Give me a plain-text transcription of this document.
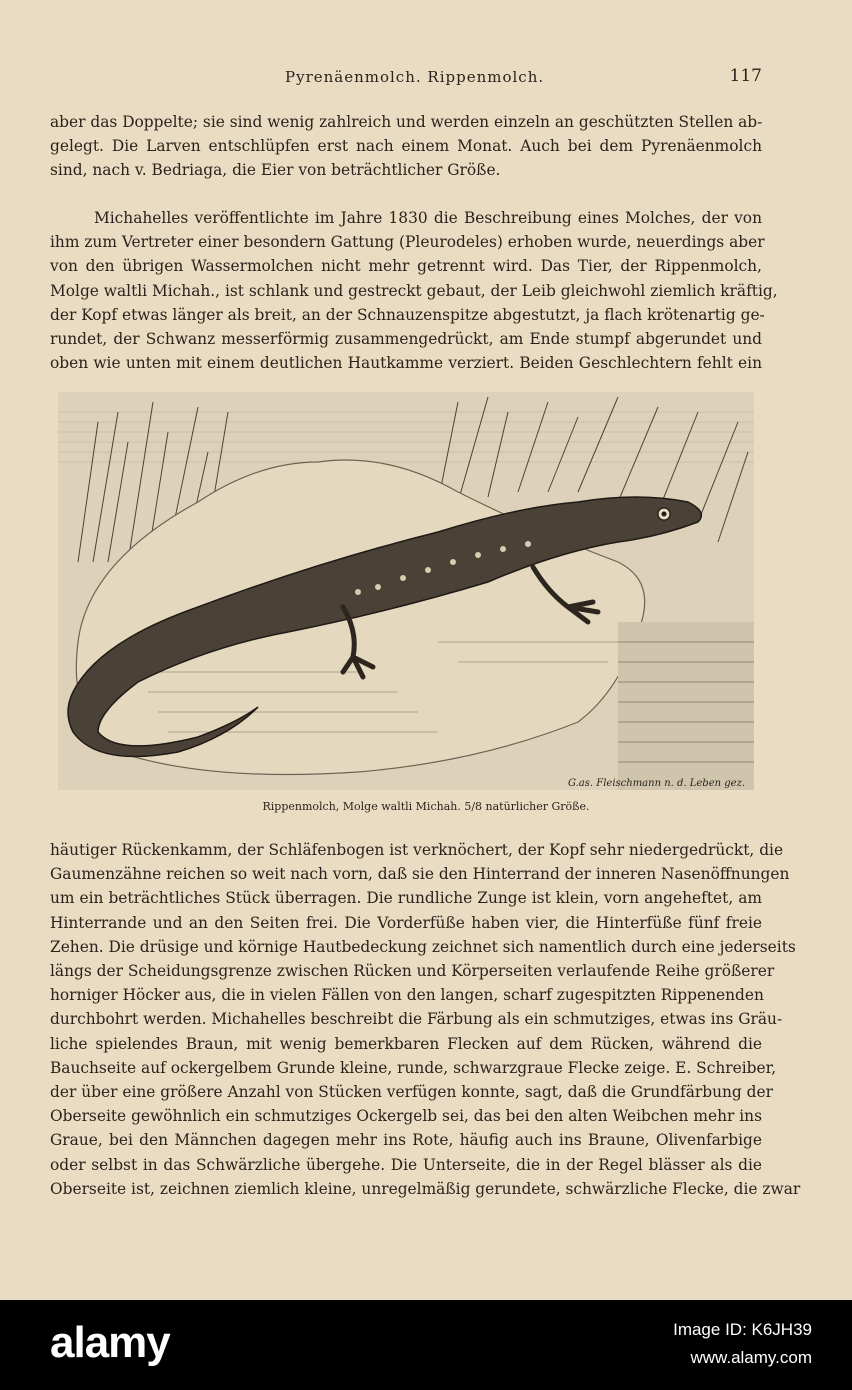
Pyrenäenmolch. Rippenmolch.	117

aber das Doppelte; sie sind wenig zahlreich und werden einzeln an geschützten Stellen ab-
gelegt. Die Larven entschlüpfen erst nach einem Monat. Auch bei dem Pyrenäenmolch
sind, nach v. Bedriaga, die Eier von beträchtlicher Größe.

Michahelles veröffentlichte im Jahre 1830 die Beschreibung eines Molches, der von
ihm zum Vertreter einer besondern Gattung (Pleurodeles) erhoben wurde, neuerdings aber
von den übrigen Wassermolchen nicht mehr getrennt wird. Das Tier, der Rippenmolch,
Molge waltli Michah., ist schlank und gestreckt gebaut, der Leib gleichwohl ziemlich kräftig,
der Kopf etwas länger als breit, an der Schnauzenspitze abgestutzt, ja flach krötenartig ge-
rundet, der Schwanz messerförmig zusammengedrückt, am Ende stumpf abgerundet und
oben wie unten mit einem deutlichen Hautkamme verziert. Beiden Geschlechtern fehlt ein

G.as. Fleischmann n. d. Leben gez.
Rippenmolch, Molge waltli Michah. 5/8 natürlicher Größe.

häutiger Rückenkamm, der Schläfenbogen ist verknöchert, der Kopf sehr niedergedrückt, die
Gaumenzähne reichen so weit nach vorn, daß sie den Hinterrand der inneren Nasenöffnungen
um ein beträchtliches Stück überragen. Die rundliche Zunge ist klein, vorn angeheftet, am
Hinterrande und an den Seiten frei. Die Vorderfüße haben vier, die Hinterfüße fünf freie
Zehen. Die drüsige und körnige Hautbedeckung zeichnet sich namentlich durch eine jederseits
längs der Scheidungsgrenze zwischen Rücken und Körperseiten verlaufende Reihe größerer
horniger Höcker aus, die in vielen Fällen von den langen, scharf zugespitzten Rippenenden
durchbohrt werden. Michahelles beschreibt die Färbung als ein schmutziges, etwas ins Gräu-
liche spielendes Braun, mit wenig bemerkbaren Flecken auf dem Rücken, während die
Bauchseite auf ockergelbem Grunde kleine, runde, schwarzgraue Flecke zeige. E. Schreiber,
der über eine größere Anzahl von Stücken verfügen konnte, sagt, daß die Grundfärbung der
Oberseite gewöhnlich ein schmutziges Ockergelb sei, das bei den alten Weibchen mehr ins
Graue, bei den Männchen dagegen mehr ins Rote, häufig auch ins Braune, Olivenfarbige
oder selbst in das Schwärzliche übergehe. Die Unterseite, die in der Regel blässer als die
Oberseite ist, zeichnen ziemlich kleine, unregelmäßig gerundete, schwärzliche Flecke, die zwar

alamy	Image ID: K6JH39
www.alamy.com
